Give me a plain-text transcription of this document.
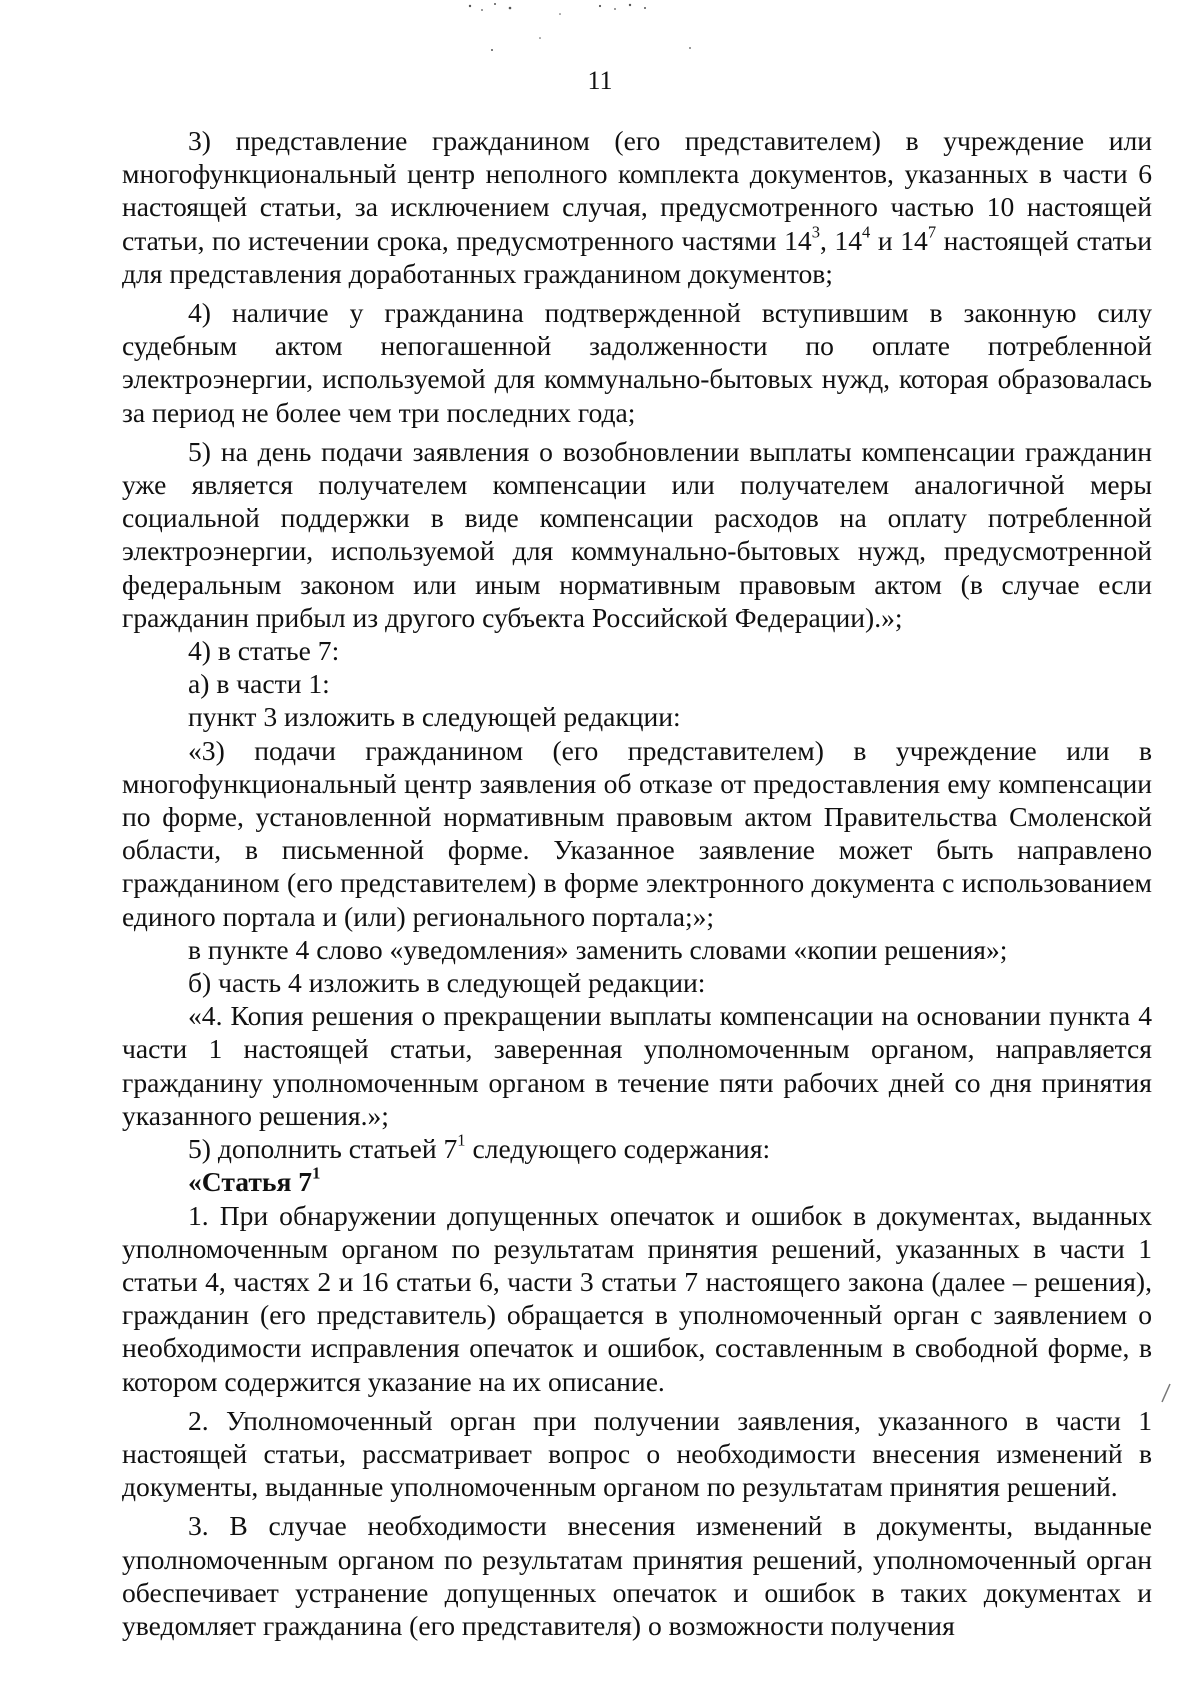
11

3) представление гражданином (его представителем) в учреждение или многофункциональный центр неполного комплекта документов, указанных в части 6 настоящей статьи, за исключением случая, предусмотренного частью 10 настоящей статьи, по истечении срока, предусмотренного частями $14^3$, $14^4$ и $14^7$ настоящей статьи для представления доработанных гражданином документов;

4) наличие у гражданина подтвержденной вступившим в законную силу судебным актом непогашенной задолженности по оплате потребленной электроэнергии, используемой для коммунально-бытовых нужд, которая образовалась за период не более чем три последних года;

5) на день подачи заявления о возобновлении выплаты компенсации гражданин уже является получателем компенсации или получателем аналогичной меры социальной поддержки в виде компенсации расходов на оплату потребленной электроэнергии, используемой для коммунально-бытовых нужд, предусмотренной федеральным законом или иным нормативным правовым актом (в случае если гражданин прибыл из другого субъекта Российской Федерации).»;

4) в статье 7:

а) в части 1:

пункт 3 изложить в следующей редакции:

«3) подачи гражданином (его представителем) в учреждение или в многофункциональный центр заявления об отказе от предоставления ему компенсации по форме, установленной нормативным правовым актом Правительства Смоленской области, в письменной форме. Указанное заявление может быть направлено гражданином (его представителем) в форме электронного документа с использованием единого портала и (или) регионального портала;»;

в пункте 4 слово «уведомления» заменить словами «копии решения»;

б) часть 4 изложить в следующей редакции:

«4. Копия решения о прекращении выплаты компенсации на основании пункта 4 части 1 настоящей статьи, заверенная уполномоченным органом, направляется гражданину уполномоченным органом в течение пяти рабочих дней со дня принятия указанного решения.»;

5) дополнить статьей $7^1$ следующего содержания:

«Статья $7^1$

1. При обнаружении допущенных опечаток и ошибок в документах, выданных уполномоченным органом по результатам принятия решений, указанных в части 1 статьи 4, частях 2 и 16 статьи 6, части 3 статьи 7 настоящего закона (далее – решения), гражданин (его представитель) обращается в уполномоченный орган с заявлением о необходимости исправления опечаток и ошибок, составленным в свободной форме, в котором содержится указание на их описание.

2. Уполномоченный орган при получении заявления, указанного в части 1 настоящей статьи, рассматривает вопрос о необходимости внесения изменений в документы, выданные уполномоченным органом по результатам принятия решений.

3. В случае необходимости внесения изменений в документы, выданные уполномоченным органом по результатам принятия решений, уполномоченный орган обеспечивает устранение допущенных опечаток и ошибок в таких документах и уведомляет гражданина (его представителя) о возможности получения
